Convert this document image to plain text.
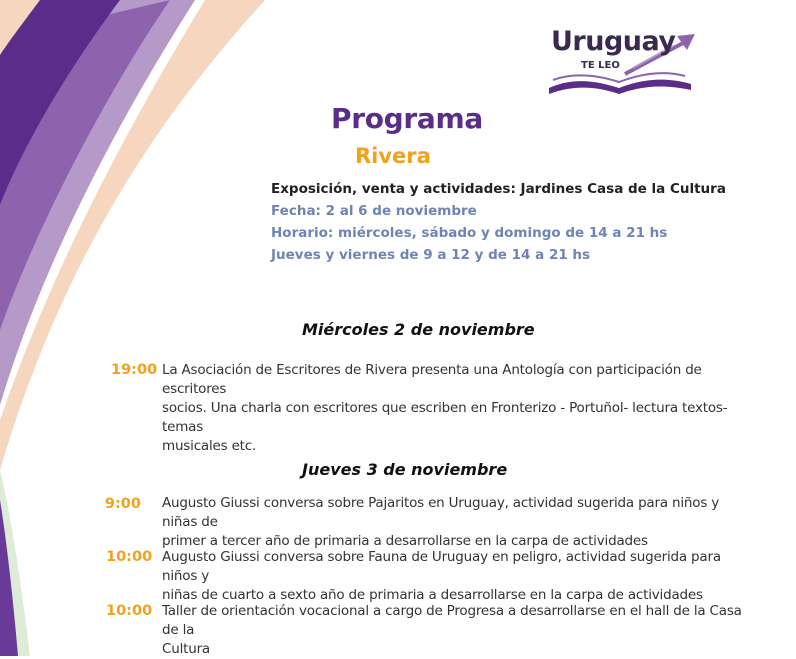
Uruguay
TE LEO
Programa
Rivera
Exposición, venta y actividades: Jardines Casa de la Cultura
Fecha: 2 al 6 de noviembre
Horario: miércoles, sábado y domingo de 14 a 21 hs
Jueves y viernes de 9 a 12 y de 14 a 21 hs
Miércoles 2 de noviembre
19:00 La Asociación de Escritores de Rivera presenta una Antología con participación de escritores
socios. Una charla con escritores que escriben en Fronterizo - Portuñol- lectura textos- temas
musicales etc.
Jueves 3 de noviembre
9:00 Augusto Giussi conversa sobre Pajaritos en Uruguay, actividad sugerida para niños y niñas de
primer a tercer año de primaria a desarrollarse en la carpa de actividades
10:00 Augusto Giussi conversa sobre Fauna de Uruguay en peligro, actividad sugerida para niños y
niñas de cuarto a sexto año de primaria a desarrollarse en la carpa de actividades
10:00 Taller de orientación vocacional a cargo de Progresa a desarrollarse en el hall de la Casa de la
Cultura
